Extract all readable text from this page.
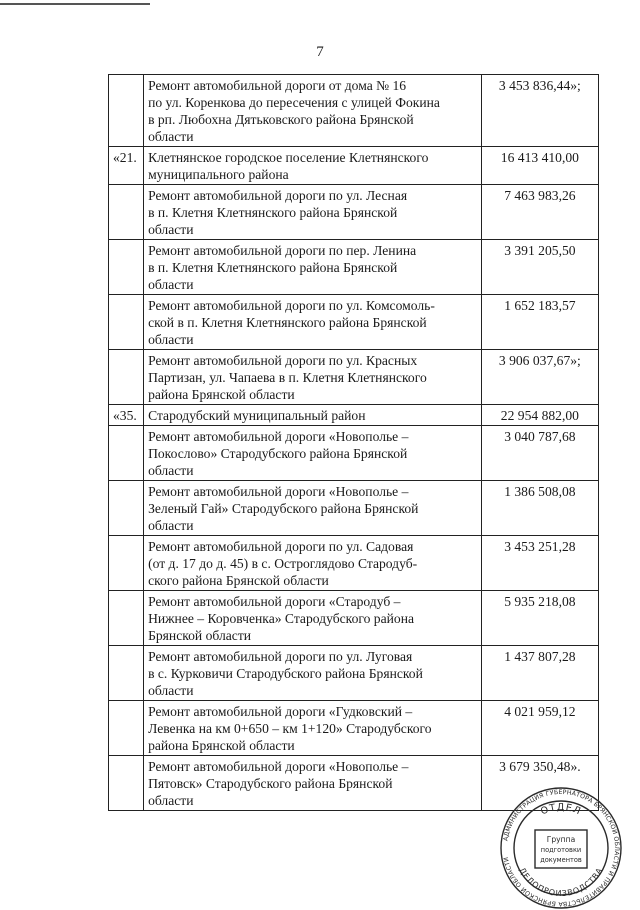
7

	Ремонт автомобильной дороги от дома № 16
по ул. Коренкова до пересечения с улицей Фокина
в рп. Любохна Дятьковского района Брянской
области	3 453 836,44»;
«21.	Клетнянское городское поселение Клетнянского
муниципального района	16 413 410,00

	Ремонт автомобильной дороги по ул. Лесная
в п. Клетня Клетнянского района Брянской
области	7 463 983,26

	Ремонт автомобильной дороги по пер. Ленина
в п. Клетня Клетнянского района Брянской
области	3 391 205,50

	Ремонт автомобильной дороги по ул. Комсомоль-
ской в п. Клетня Клетнянского района Брянской
области	1 652 183,57

	Ремонт автомобильной дороги по ул. Красных
Партизан, ул. Чапаева в п. Клетня Клетнянского
района Брянской области	3 906 037,67»;
«35.	Стародубский муниципальный район	22 954 882,00

	Ремонт автомобильной дороги «Новополье –
Покослово» Стародубского района Брянской
области	3 040 787,68

	Ремонт автомобильной дороги «Новополье –
Зеленый Гай» Стародубского района Брянской
области	1 386 508,08

	Ремонт автомобильной дороги по ул. Садовая
(от д. 17 до д. 45) в с. Остроглядово Стародуб-
ского района Брянской области	3 453 251,28

	Ремонт автомобильной дороги «Стародуб –
Нижнее – Коровченка» Стародубского района
Брянской области	5 935 218,08

	Ремонт автомобильной дороги по ул. Луговая
в с. Курковичи Стародубского района Брянской
области	1 437 807,28

	Ремонт автомобильной дороги «Гудковский –
Левенка на км 0+650 – км 1+120» Стародубского
района Брянской области	4 021 959,12

	Ремонт автомобильной дороги «Новополье –
Пятовск» Стародубского района Брянской
области	3 679 350,48».
АДМИНИСТРАЦИЯ ГУБЕРНАТОРА БРЯНСКОЙ ОБЛАСТИ И ПРАВИТЕЛЬСТВА БРЯНСКОЙ ОБЛАСТИ
ОТДЕЛ
ДЕЛОПРОИЗВОДСТВА
Группа
подготовки
документов
